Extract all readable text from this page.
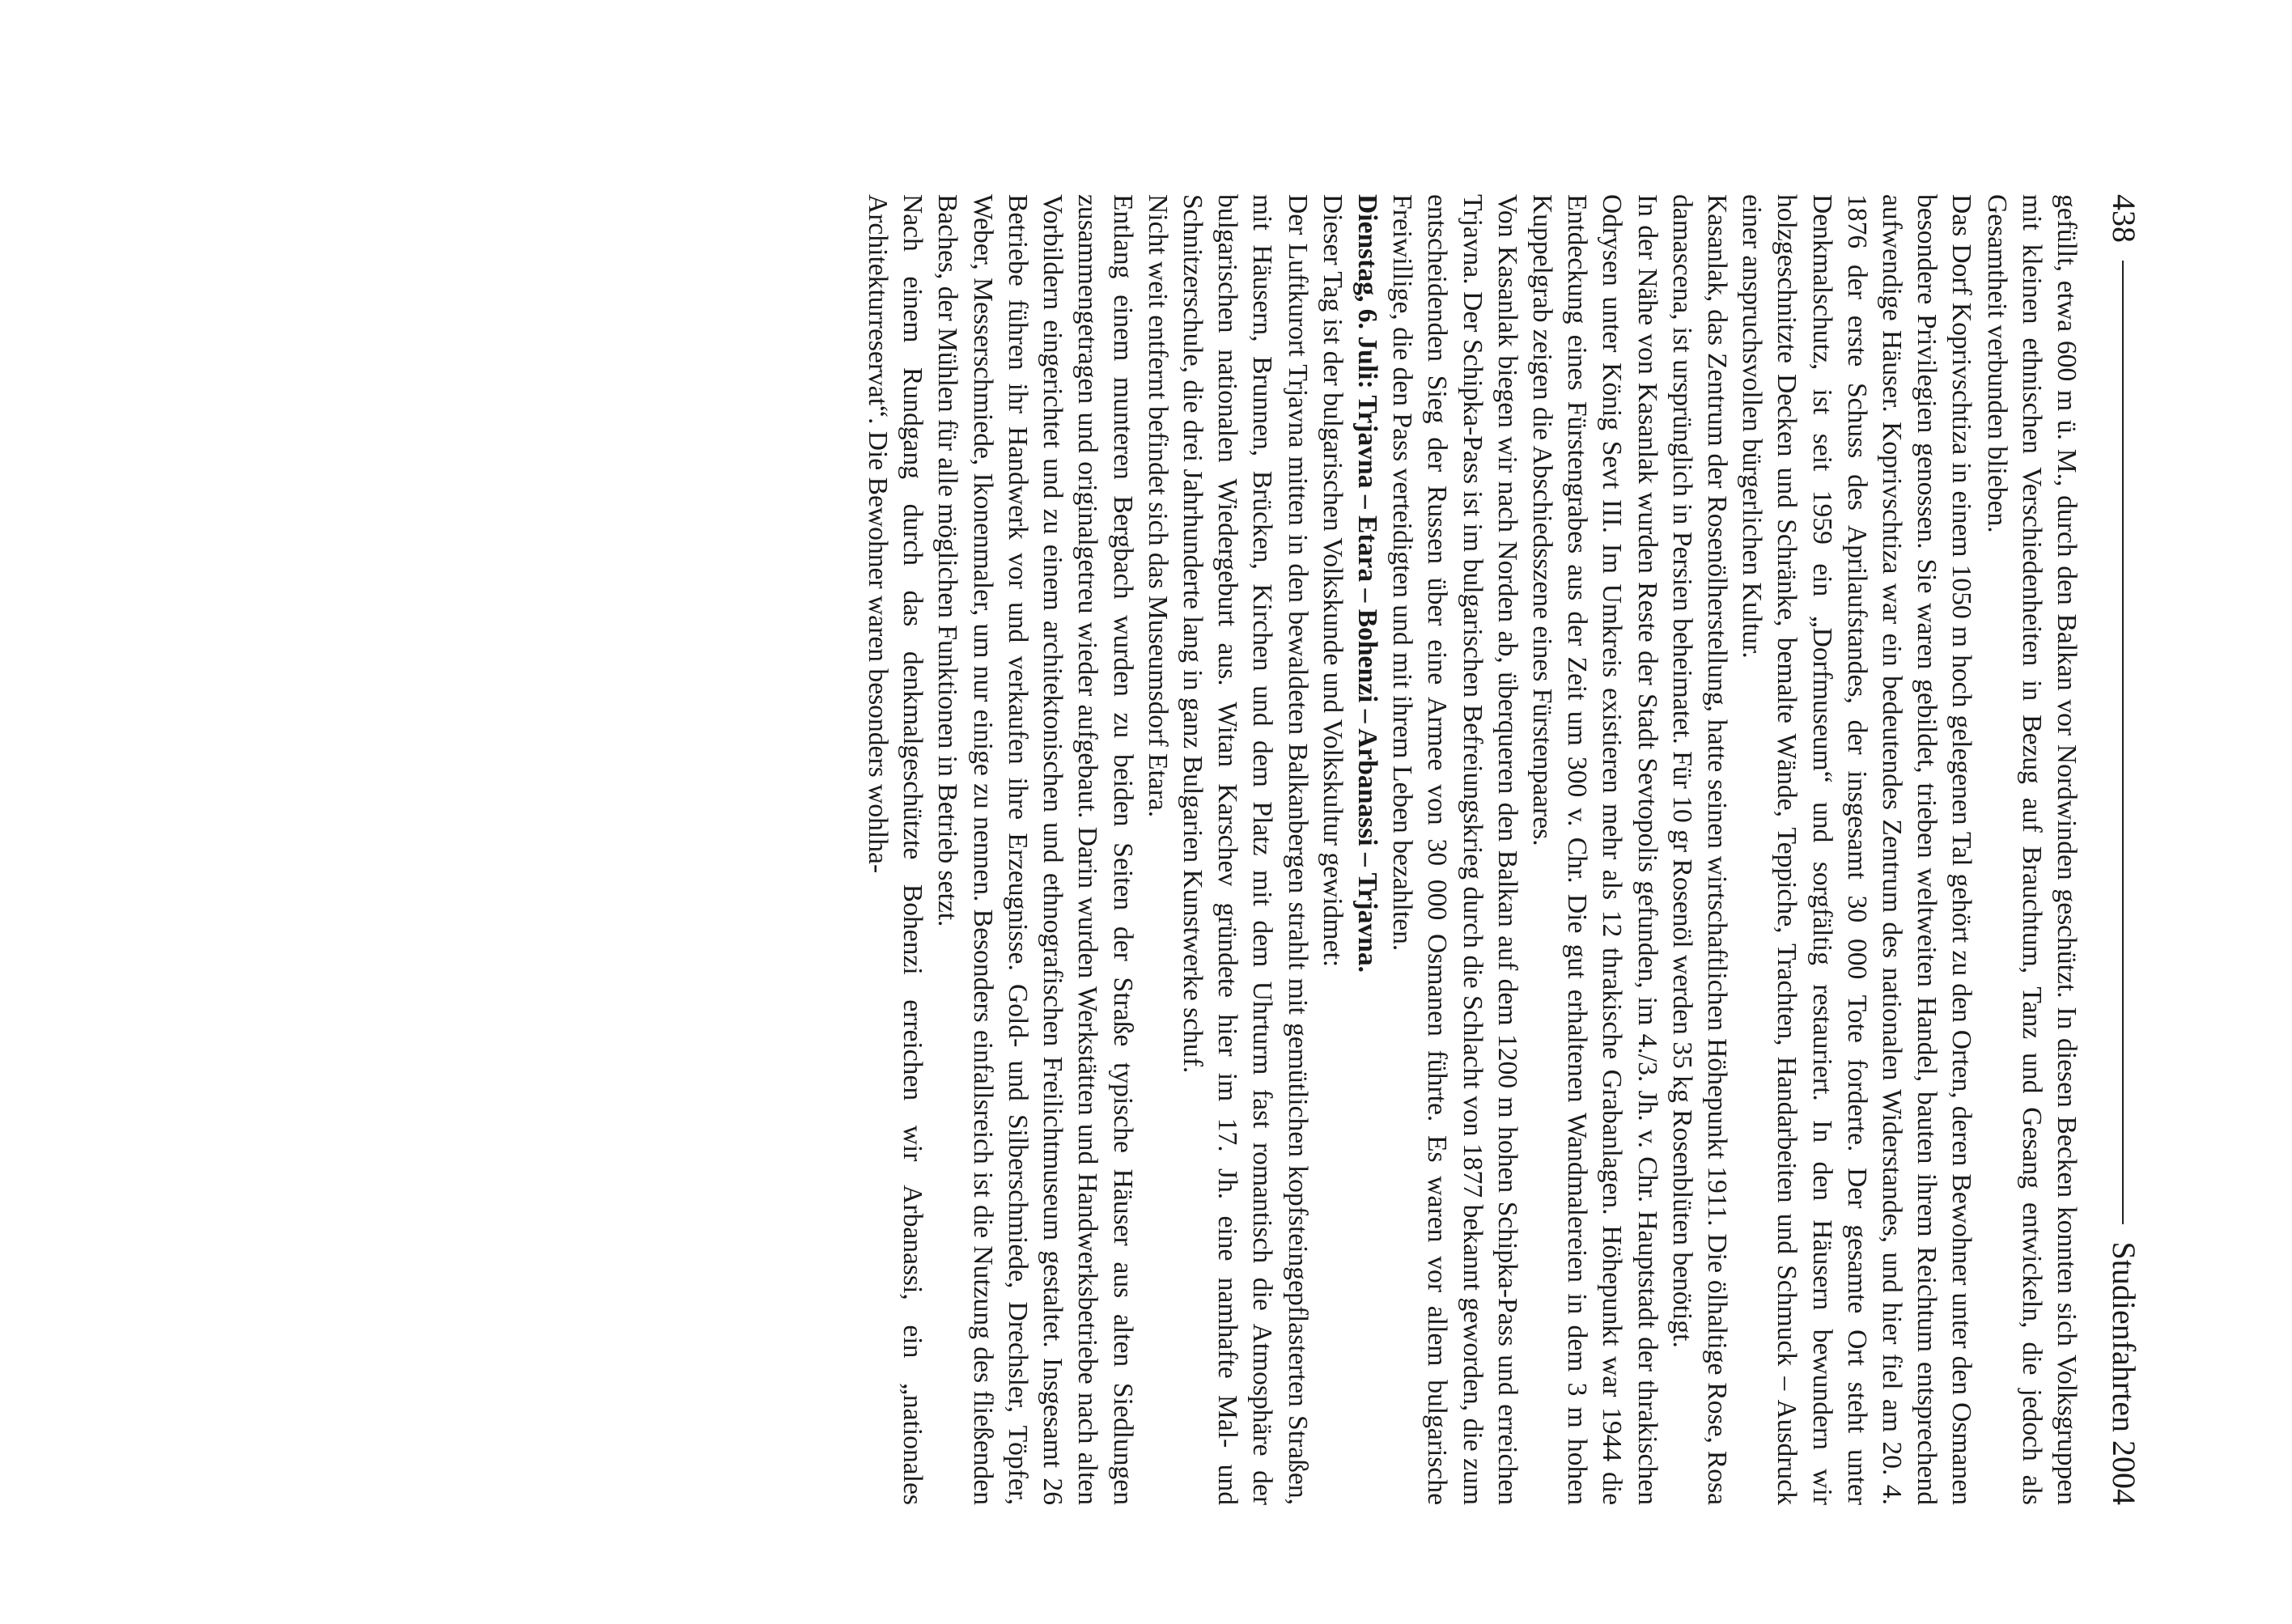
438
Studienfahrten 2004

gefüllt, etwa 600 m ü. M., durch den Balkan vor Nordwinden geschützt. In diesen Becken konnten sich Volksgruppen mit kleinen ethnischen Verschiedenheiten in Bezug auf Brauchtum, Tanz und Gesang entwickeln, die jedoch als Gesamtheit verbunden blieben.

Das Dorf Koprivschtiza in einem 1050 m hoch gelegenen Tal gehört zu den Orten, deren Bewohner unter den Osmanen besondere Privilegien genossen. Sie waren gebildet, trieben weltweiten Handel, bauten ihrem Reichtum entsprechend aufwendige Häuser. Koprivschtiza war ein bedeutendes Zentrum des nationalen Widerstandes, und hier fiel am 20. 4. 1876 der erste Schuss des Aprilaufstandes, der insgesamt 30 000 Tote forderte. Der gesamte Ort steht unter Denkmalschutz, ist seit 1959 ein „Dorfmuseum“ und sorgfältig restauriert. In den Häusern bewundern wir holzgeschnitzte Decken und Schränke, bemalte Wände, Teppiche, Trachten, Handarbeiten und Schmuck – Ausdruck einer anspruchsvollen bürgerlichen Kultur.

Kasanlak, das Zentrum der Rosenölherstellung, hatte seinen wirtschaftlichen Höhepunkt 1911. Die ölhaltige Rose, Rosa damascena, ist ursprünglich in Persien beheimatet. Für 10 gr Rosenöl werden 35 kg Rosenblüten benötigt.

In der Nähe von Kasanlak wurden Reste der Stadt Sevtopolis gefunden, im 4./3. Jh. v. Chr. Hauptstadt der thrakischen Odrysen unter König Sevt III. Im Umkreis existieren mehr als 12 thrakische Grabanlagen. Höhepunkt war 1944 die Entdeckung eines Fürstengrabes aus der Zeit um 300 v. Chr. Die gut erhaltenen Wandmalereien in dem 3 m hohen Kuppelgrab zeigen die Abschiedsszene eines Fürstenpaares.

Von Kasanlak biegen wir nach Norden ab, überqueren den Balkan auf dem 1200 m hohen Schipka-Pass und erreichen Trjavna. Der Schipka-Pass ist im bulgarischen Befreiungskrieg durch die Schlacht von 1877 bekannt geworden, die zum entscheidenden Sieg der Russen über eine Armee von 30 000 Osmanen führte. Es waren vor allem bulgarische Freiwillige, die den Pass verteidigten und mit ihrem Leben bezahlten.

Dienstag, 6. Juli: Trjavna – Etara – Bohenzi – Arbanassi – Trjavna.

Dieser Tag ist der bulgarischen Volkskunde und Volkskultur gewidmet:

Der Luftkurort Trjavna mitten in den bewaldeten Balkanbergen strahlt mit gemütlichen kopfsteingepflasterten Straßen, mit Häusern, Brunnen, Brücken, Kirchen und dem Platz mit dem Uhrturm fast romantisch die Atmosphäre der bulgarischen nationalen Wiedergeburt aus. Witan Karschev gründete hier im 17. Jh. eine namhafte Mal- und Schnitzerschule, die drei Jahrhunderte lang in ganz Bulgarien Kunstwerke schuf.

Nicht weit entfernt befindet sich das Museumsdorf Etara.

Entlang einem munteren Bergbach wurden zu beiden Seiten der Straße typische Häuser aus alten Siedlungen zusammengetragen und originalgetreu wieder aufgebaut. Darin wurden Werkstätten und Handwerksbetriebe nach alten Vorbildern eingerichtet und zu einem architektonischen und ethnografischen Freilichtmuseum gestaltet. Insgesamt 26 Betriebe führen ihr Handwerk vor und verkaufen ihre Erzeugnisse. Gold- und Silberschmiede, Drechsler, Töpfer, Weber, Messerschmiede, Ikonenmaler, um nur einige zu nennen. Besonders einfallsreich ist die Nutzung des fließenden Baches, der Mühlen für alle möglichen Funktionen in Betrieb setzt.

Nach einem Rundgang durch das denkmalgeschützte Bohenzi erreichen wir Arbanassi, ein „nationales Architekturreservat“. Die Bewohner waren besonders wohlha-
